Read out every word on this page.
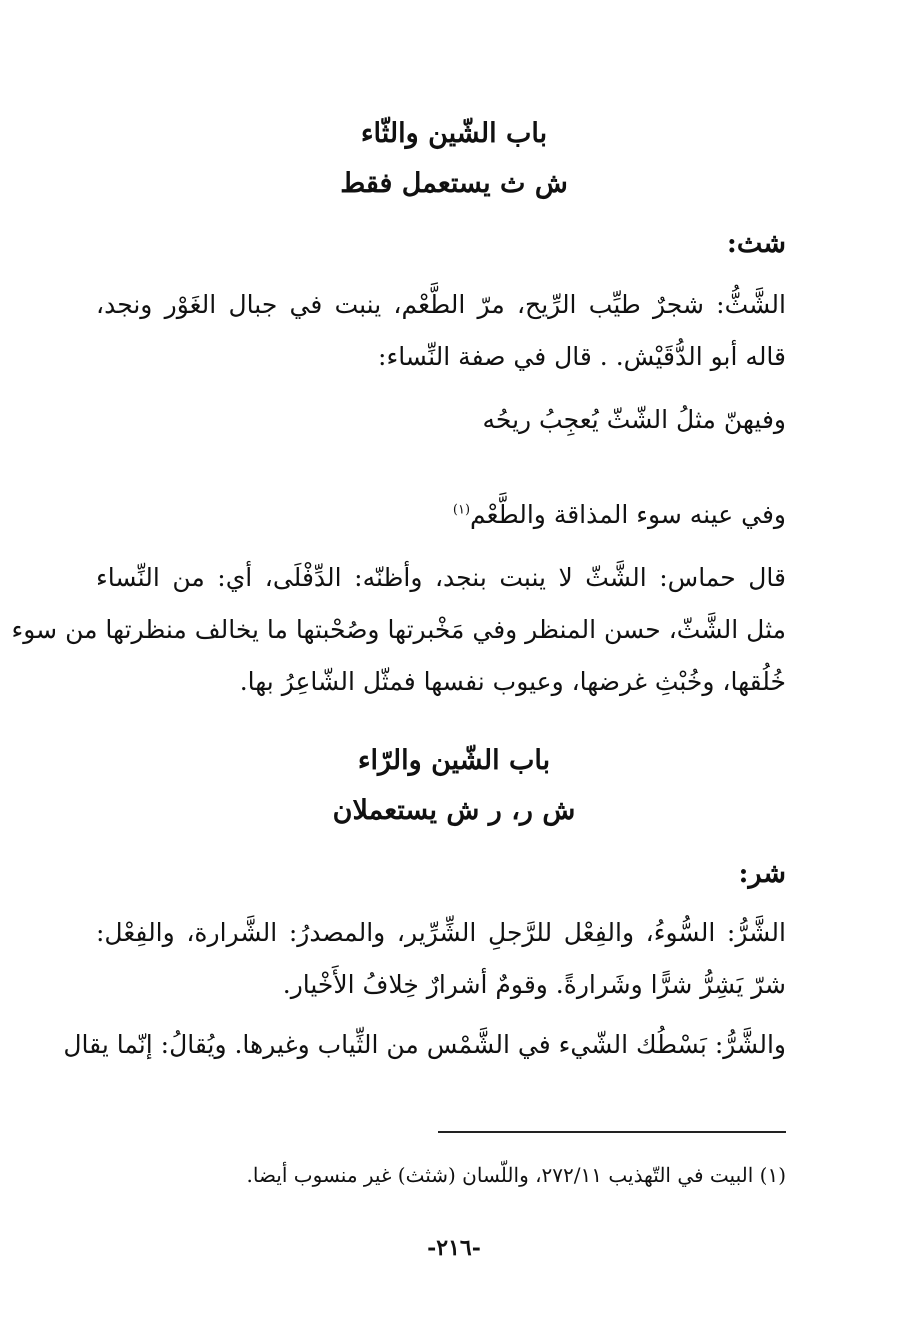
باب الشّين والثّاء
ش ث يستعمل فقط
شث:
الشَّثُّ: شجرٌ طيِّب الرِّيح، مرّ الطَّعْم، ينبت في جبال الغَوْر ونجد،
قاله أبو الدُّقَيْش. . قال في صفة النِّساء:
وفيهنّ مثلُ الشّثّ يُعجِبُ ريحُه
وفي عينه سوء المذاقة والطَّعْم$^{(١)}$
قال حماس: الشَّثّ لا ينبت بنجد، وأظنّه: الدِّفْلَى، أي: من النِّساء
مثل الشَّثّ، حسن المنظر وفي مَخْبرتها وصُحْبتها ما يخالف منظرتها من سوء
خُلُقها، وخُبْثِ غرضها، وعيوب نفسها فمثّل الشّاعِرُ بها.
باب الشّين والرّاء
ش ر، ر ش يستعملان
شر:
الشَّرُّ: السُّوءُ، والفِعْل للرَّجلِ الشِّرِّير، والمصدرُ: الشَّرارة، والفِعْل:
شرّ يَشِرُّ شرًّا وشَرارةً. وقومٌ أشرارٌ خِلافُ الأَخْيار.
والشَّرُّ: بَسْطُك الشّيء في الشَّمْس من الثِّياب وغيرها. ويُقالُ: إنّما يقال
(١) البيت في التّهذيب ٢٧٢/١١، واللّسان (شثث) غير منسوب أيضا.
-٢١٦-
